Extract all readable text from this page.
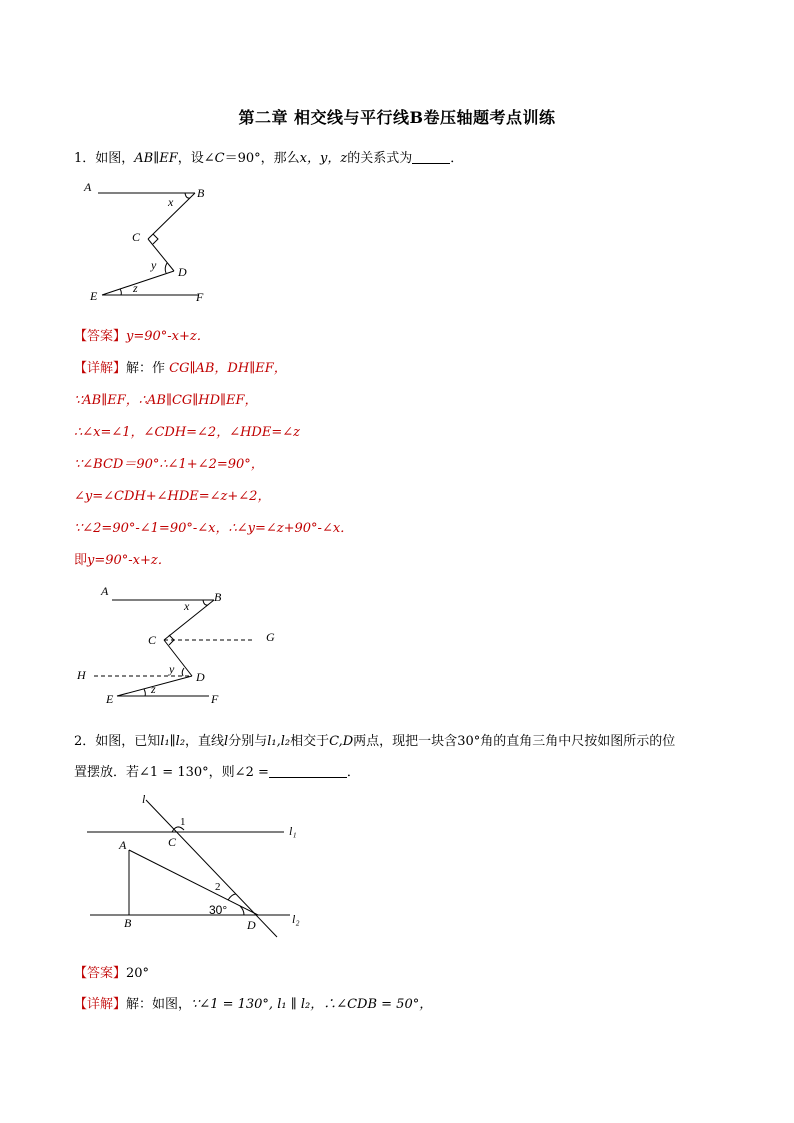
第二章 相交线与平行线B卷压轴题考点训练
1．如图，AB∥EF，设∠C＝90°，那么x，y，z的关系式为	．
A	B
x
C
y D
z
E	F
【答案】y=90°-x+z．
【详解】解：作 CG∥AB，DH∥EF，
∵AB∥EF，∴AB∥CG∥HD∥EF，
∴∠x=∠1，∠CDH=∠2，∠HDE=∠z
∵∠BCD＝90°∴∠1+∠2=90°，
∠y=∠CDH+∠HDE=∠z+∠2，
∵∠2=90°-∠1=90°-∠x，∴∠y=∠z+90°-∠x．
即y=90°-x+z．
A	B
x
C	G
H	y
D
z
E	F
2．如图，已知l₁∥l₂，直线l分别与l₁,l₂相交于C,D两点，现把一块含30°角的直角三角中尺按如图所示的位
置摆放．若∠1 = 130°，则∠2 =	．
l
1
C
l₁
A
2
30°
B	D	l₂
【答案】20°
【详解】解：如图，∵∠1 = 130°, l₁ ∥ l₂，∴∠CDB = 50°，
